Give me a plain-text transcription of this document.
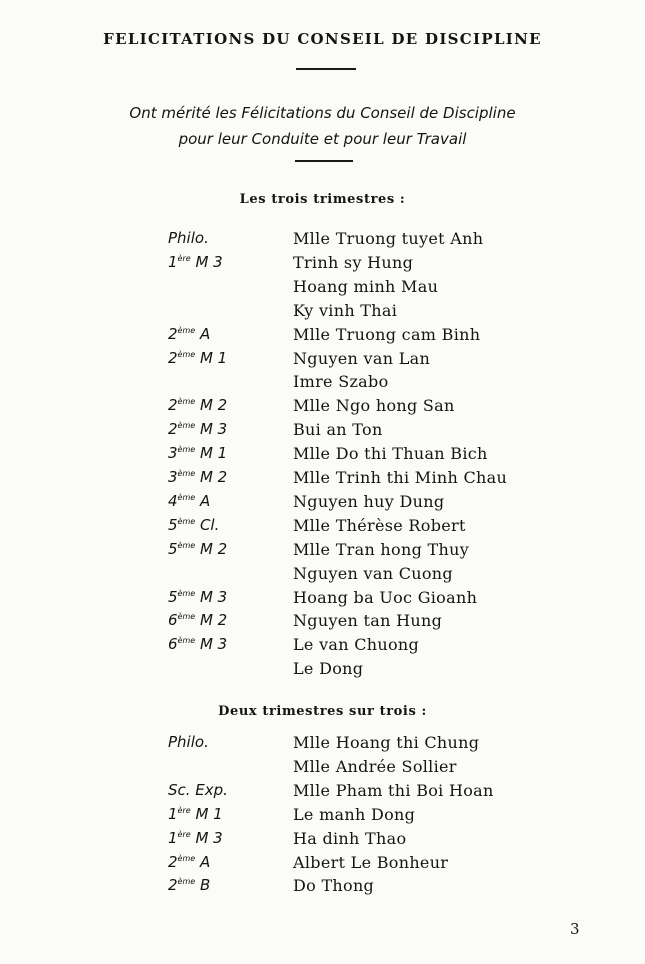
FELICITATIONS DU CONSEIL DE DISCIPLINE
Ont mérité les Félicitations du Conseil de Discipline
pour leur Conduite et pour leur Travail
Les trois trimestres :
Philo.	Mlle Truong tuyet Anh
1ère M 3	Trinh sy Hung
Hoang minh Mau
Ky vinh Thai
2ème A	Mlle Truong cam Binh
2ème M 1	Nguyen van Lan
Imre Szabo
2ème M 2	Mlle Ngo hong San
2ème M 3	Bui an Ton
3ème M 1	Mlle Do thi Thuan Bich
3ème M 2	Mlle Trinh thi Minh Chau
4ème A	Nguyen huy Dung
5ème Cl.	Mlle Thérèse Robert
5ème M 2	Mlle Tran hong Thuy
Nguyen van Cuong
5ème M 3	Hoang ba Uoc Gioanh
6ème M 2	Nguyen tan Hung
6ème M 3	Le van Chuong
Le Dong
Deux trimestres sur trois :
Philo.	Mlle Hoang thi Chung
Mlle Andrée Sollier
Sc. Exp.	Mlle Pham thi Boi Hoan
1ère M 1	Le manh Dong
1ère M 3	Ha dinh Thao
2ème A	Albert Le Bonheur
2ème B	Do Thong
3
